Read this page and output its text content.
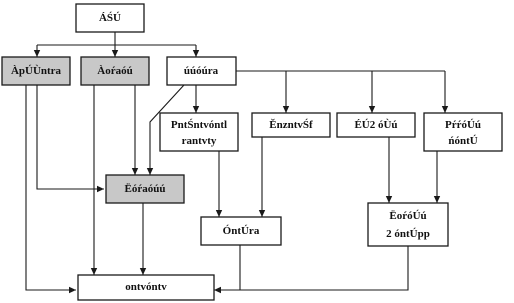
ÁŚÚ
ÀpÚÙntra	Àoŕaóú	úúóúra
PntŚntvóntl
rantvty
ĔnzntvŚf	ÉÚ2 óÙú	PŕŕóÚú
ńóntÚ
Ëóŕaóúú
ÓntÚra
ËoŕóÚú
2 óntÚpp
ontvóntv
